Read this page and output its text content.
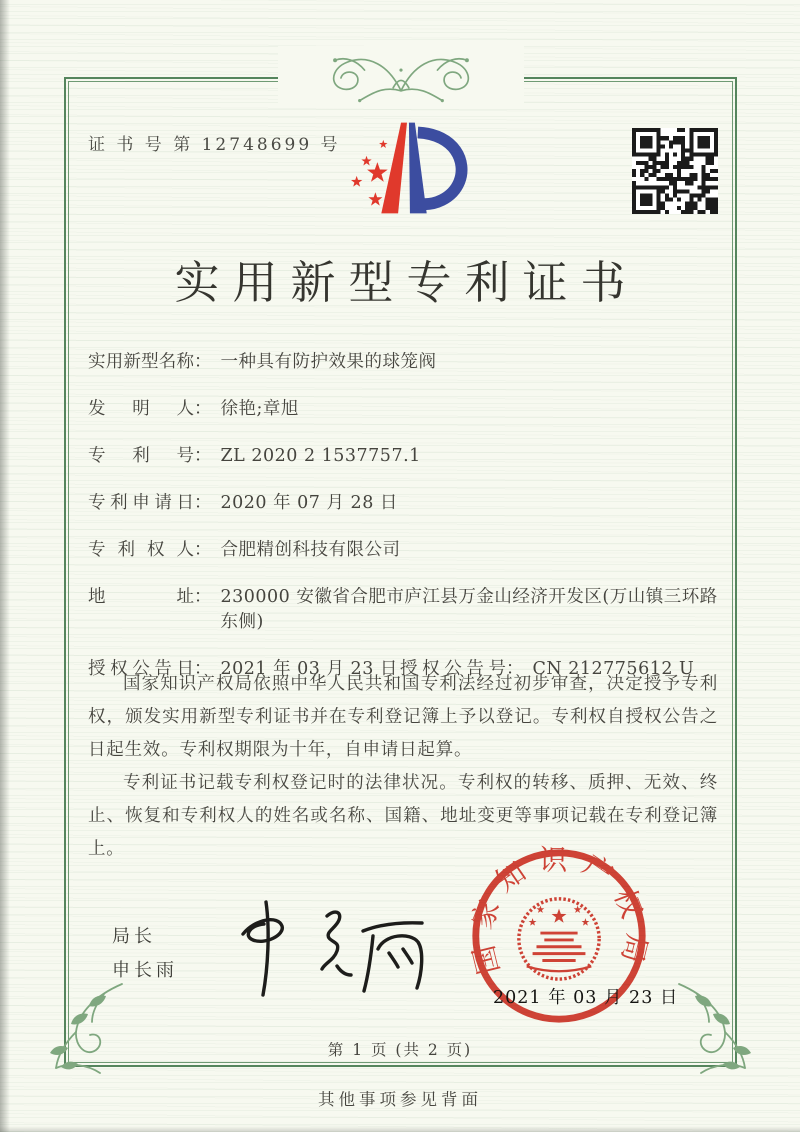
证 书 号 第 12748699 号
实用新型专利证书
实用新型名称 ： 一种具有防护效果的球笼阀
发明人 ： 徐艳;章旭
专利号 ： ZL 2020 2 1537757.1
专利申请日 ： 2020 年 07 月 28 日
专利权人 ： 合肥精创科技有限公司
地址 ： 230000 安徽省合肥市庐江县万金山经济开发区(万山镇三环路东侧)
授权公告日 ： 2021 年 03 月 23 日 授权公告号 ： CN 212775612 U

国家知识产权局依照中华人民共和国专利法经过初步审查，决定授予专利权，颁发实用新型专利证书并在专利登记簿上予以登记。专利权自授权公告之日起生效。专利权期限为十年，自申请日起算。

专利证书记载专利权登记时的法律状况。专利权的转移、质押、无效、终止、恢复和专利权人的姓名或名称、国籍、地址变更等事项记载在专利登记簿上。

局长
申长雨	国家知识产权局
2021 年 03 月 23 日
第 1 页 (共 2 页)
其他事项参见背面
